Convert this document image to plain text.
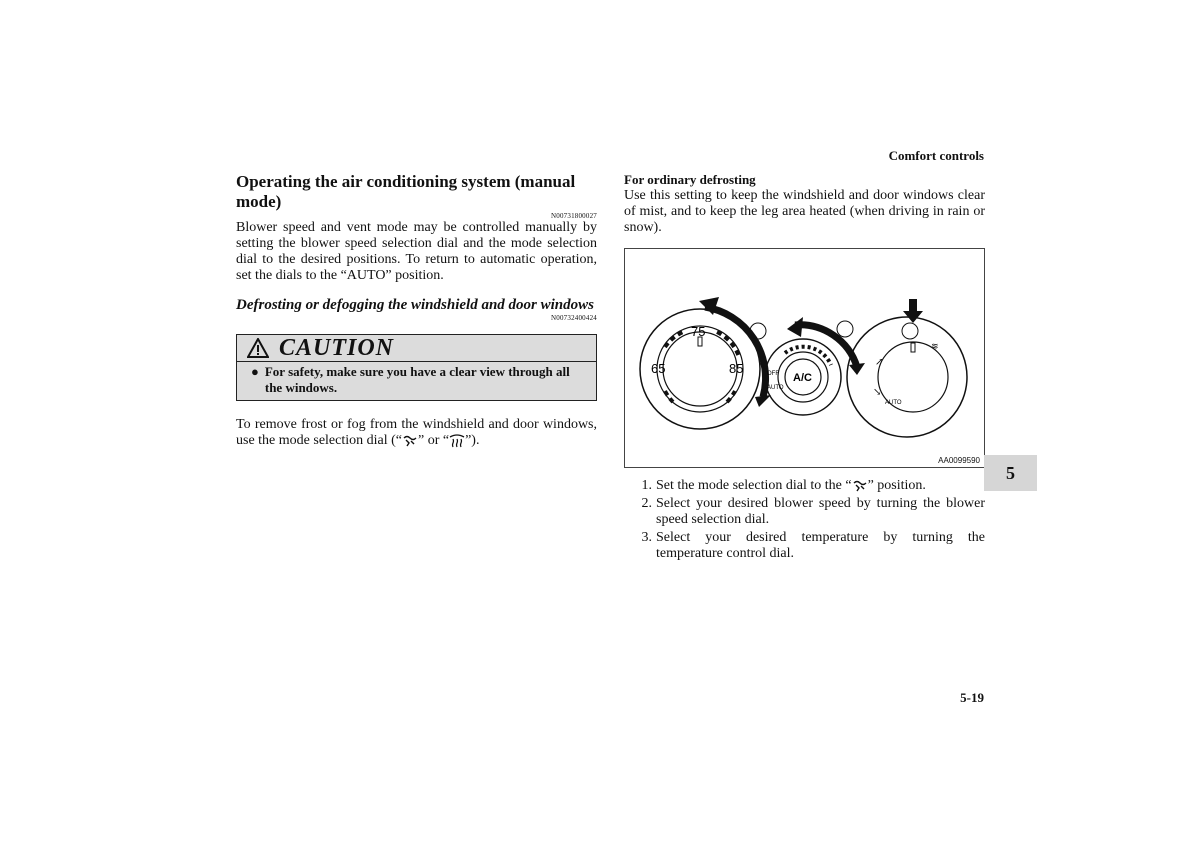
Comfort controls
Operating the air conditioning system (manual mode)
N00731800027

Blower speed and vent mode may be controlled manually by setting the blower speed selection dial and the mode selection dial to the desired positions. To return to automatic operation, set the dials to the “AUTO” position.

Defrosting or defogging the windshield and door windows
N00732400424
CAUTION
● For safety, make sure you have a clear view through all the windows.

To remove frost or fog from the windshield and door windows, use the mode selection dial (“ ” or “ ”).

For ordinary defrosting

Use this setting to keep the windshield and door windows clear of mist, and to keep the leg area heated (when driving in rain or snow).

75
65	85
A/C
OFF
AUTO
AUTO
↗
↘
≋
AA0099590
1. Set the mode selection dial to the “ ” position.
2. Select your desired blower speed by turning the blower speed selection dial.
3. Select your desired temperature by turning the temperature control dial.
5
5-19
